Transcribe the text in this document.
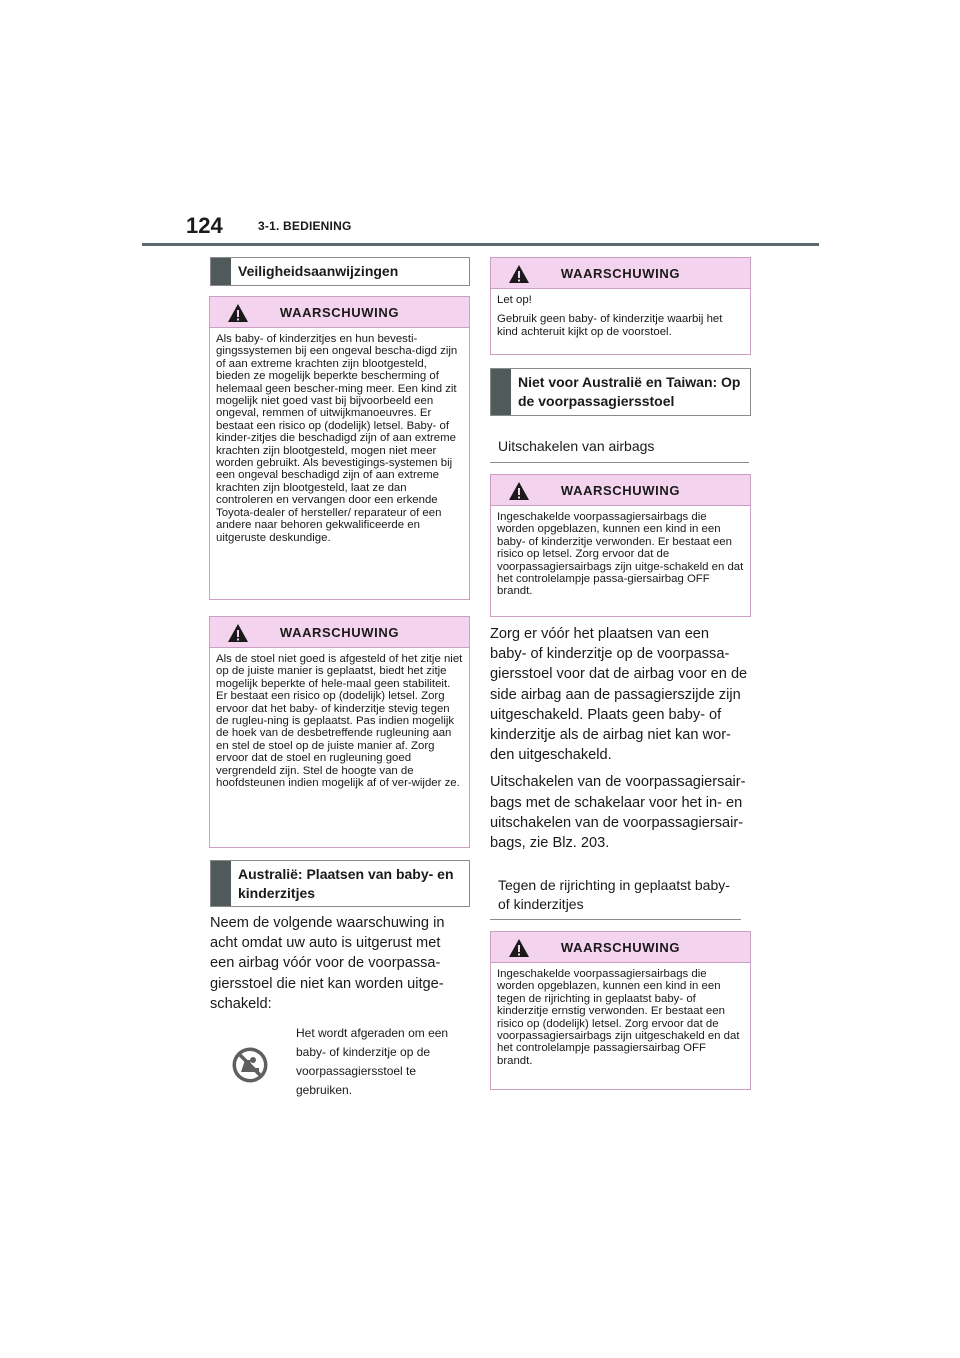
124	3-1. BEDIENING
Veiligheidsaanwijzingen
WAARSCHUWING

Als baby- of kinderzitjes en hun bevesti-gingssystemen bij een ongeval bescha-digd zijn of aan extreme krachten zijn blootgesteld, bieden ze mogelijk beperkte bescherming of helemaal geen bescher-ming meer. Een kind zit mogelijk niet goed vast bij bijvoorbeeld een ongeval, remmen of uitwijkmanoeuvres. Er bestaat een risico op (dodelijk) letsel. Baby- of kinder-zitjes die beschadigd zijn of aan extreme krachten zijn blootgesteld, mogen niet meer worden gebruikt. Als bevestigings-systemen bij een ongeval beschadigd zijn of aan extreme krachten zijn blootgesteld, laat ze dan controleren en vervangen door een erkende Toyota-dealer of hersteller/ reparateur of een andere naar behoren gekwalificeerde en uitgeruste deskundige.

WAARSCHUWING

Als de stoel niet goed is afgesteld of het zitje niet op de juiste manier is geplaatst, biedt het zitje mogelijk beperkte of hele-maal geen stabiliteit. Er bestaat een risico op (dodelijk) letsel. Zorg ervoor dat het baby- of kinderzitje stevig tegen de rugleu-ning is geplaatst. Pas indien mogelijk de hoek van de desbetreffende rugleuning aan en stel de stoel op de juiste manier af. Zorg ervoor dat de stoel en rugleuning goed vergrendeld zijn. Stel de hoogte van de hoofdsteunen indien mogelijk af of ver-wijder ze.

Australië: Plaatsen van baby- en kinderzitjes

Neem de volgende waarschuwing in acht omdat uw auto is uitgerust met een airbag vóór voor de voorpassa-giersstoel die niet kan worden uitge-schakeld:

Het wordt afgeraden om een baby- of kinderzitje op de voorpassagiersstoel te gebruiken.
WAARSCHUWING

Let op!

Gebruik geen baby- of kinderzitje waarbij het kind achteruit kijkt op de voorstoel.

Niet voor Australië en Taiwan: Op de voorpassagiersstoel
Uitschakelen van airbags
WAARSCHUWING

Ingeschakelde voorpassagiersairbags die worden opgeblazen, kunnen een kind in een baby- of kinderzitje verwonden. Er bestaat een risico op letsel. Zorg ervoor dat de voorpassagiersairbags zijn uitge-schakeld en dat het controlelampje passa-giersairbag OFF brandt.

Zorg er vóór het plaatsen van een baby- of kinderzitje op de voorpassa-giersstoel voor dat de airbag voor en de side airbag aan de passagierszijde zijn uitgeschakeld. Plaats geen baby- of kinderzitje als de airbag niet kan wor-den uitgeschakeld.

Uitschakelen van de voorpassagiersair-bags met de schakelaar voor het in- en uitschakelen van de voorpassagiersair-bags, zie Blz. 203.

Tegen de rijrichting in geplaatst baby- of kinderzitjes
WAARSCHUWING

Ingeschakelde voorpassagiersairbags die worden opgeblazen, kunnen een kind in een tegen de rijrichting in geplaatst baby- of kinderzitje ernstig verwonden. Er bestaat een risico op (dodelijk) letsel. Zorg ervoor dat de voorpassagiersairbags zijn uitgeschakeld en dat het controlelampje passagiersairbag OFF brandt.
